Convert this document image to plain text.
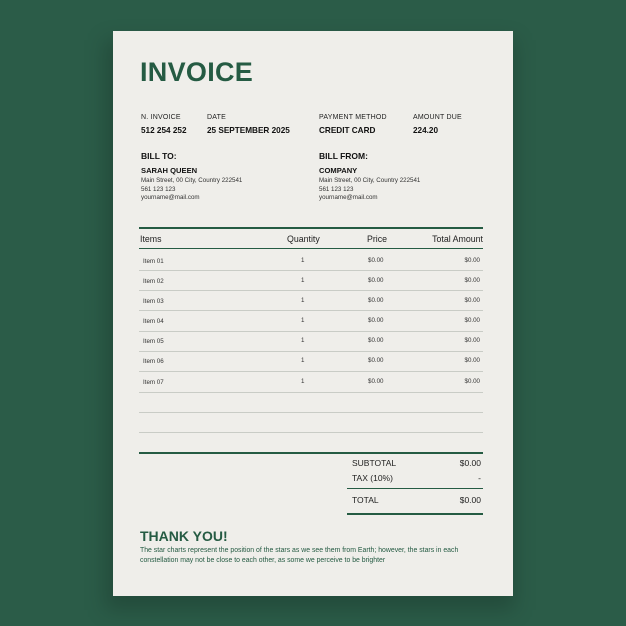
INVOICE
N. INVOICE
512 254 252
DATE
25 SEPTEMBER 2025
PAYMENT METHOD
CREDIT CARD
AMOUNT DUE
224.20
BILL TO:
SARAH QUEEN
Main Street, 00 City, Country 222541
561 123 123
yourname@mail.com
BILL FROM:
COMPANY
Main Street, 00 City, Country 222541
561 123 123
yourname@mail.com
Items	Quantity	Price	Total Amount
Item 01	1	$0.00	$0.00
Item 02	1	$0.00	$0.00
Item 03	1	$0.00	$0.00
Item 04	1	$0.00	$0.00
Item 05	1	$0.00	$0.00
Item 06	1	$0.00	$0.00
Item 07	1	$0.00	$0.00
SUBTOTAL	$0.00
TAX (10%)	-
TOTAL	$0.00
THANK YOU!
The star charts represent the position of the stars as we see them from Earth; however, the stars in each constellation may not be close to each other, as some we perceive to be brighter
